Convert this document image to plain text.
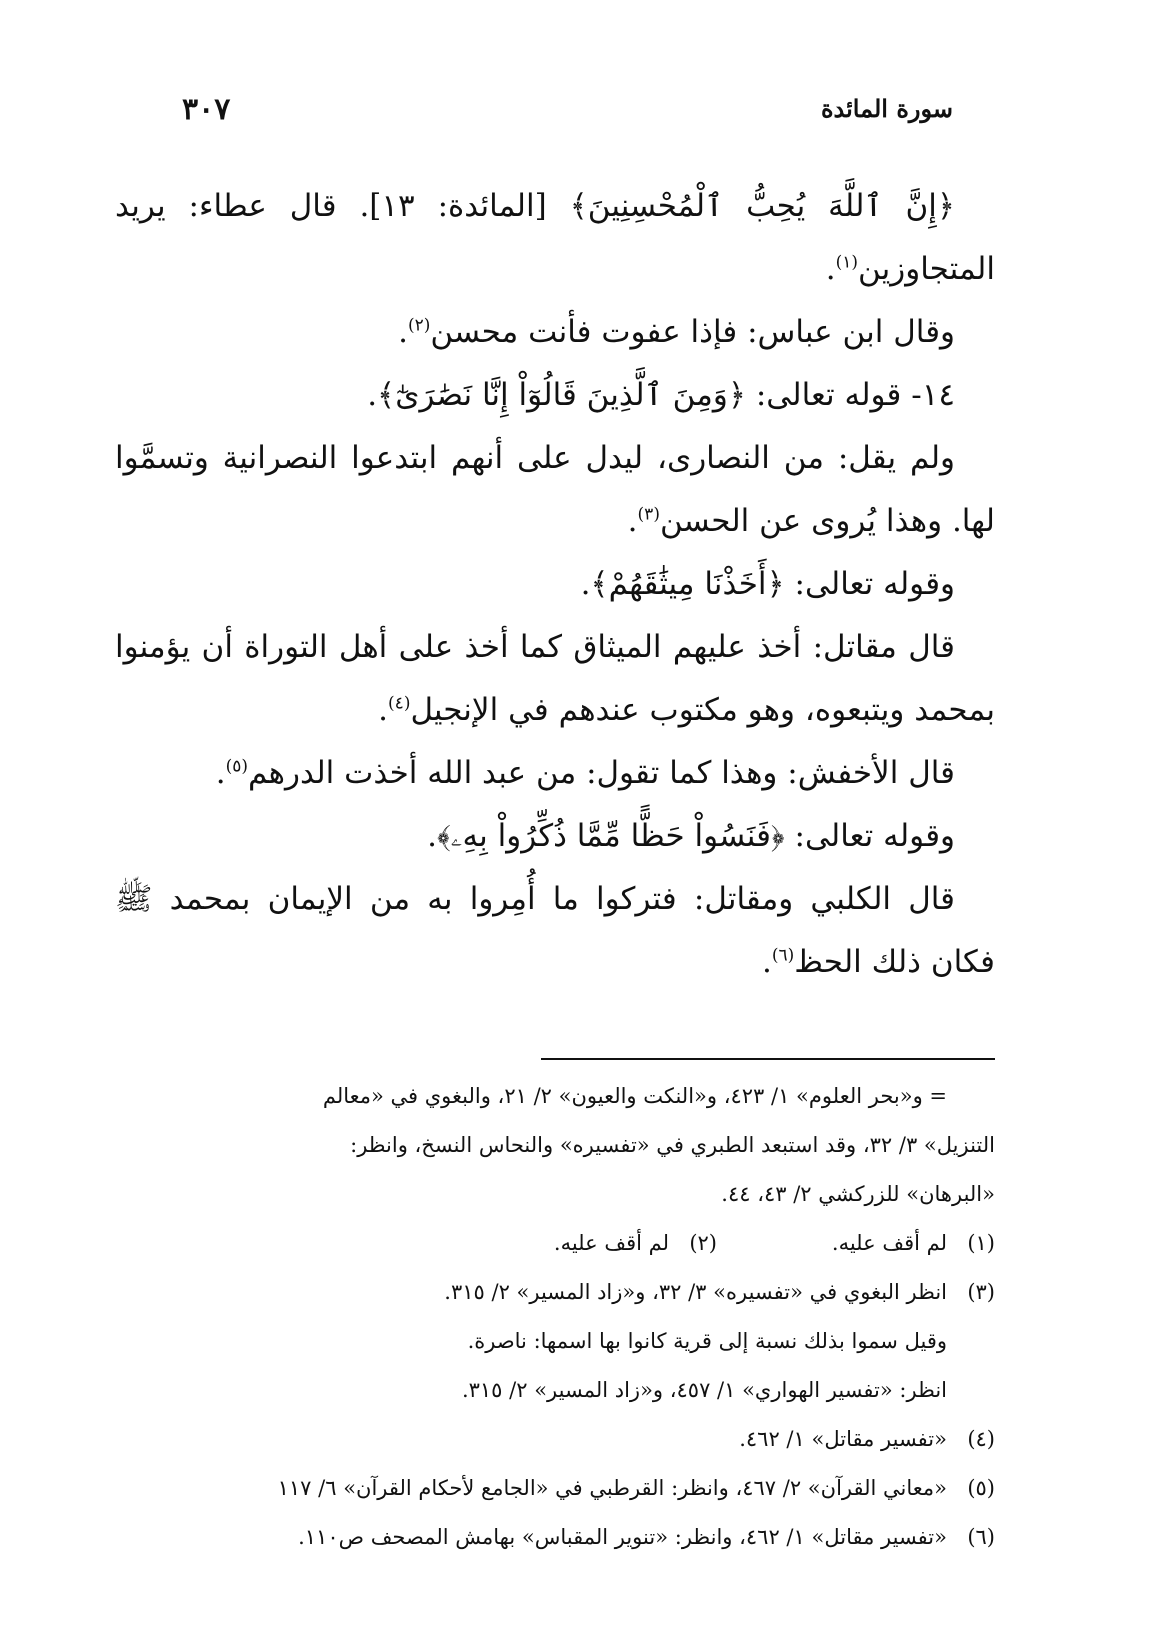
سورة المائدة
٣٠٧

﴿إِنَّ ٱللَّهَ يُحِبُّ ٱلْمُحْسِنِينَ﴾ [المائدة: ١٣]. قال عطاء: يريد المتجاوزين$^{(١)}$.

وقال ابن عباس: فإذا عفوت فأنت محسن$^{(٢)}$.

١٤- قوله تعالى: ﴿وَمِنَ ٱلَّذِينَ قَالُوٓاْ إِنَّا نَصَٰرَىٰٓ﴾.

ولم يقل: من النصارى، ليدل على أنهم ابتدعوا النصرانية وتسمَّوا لها. وهذا يُروى عن الحسن$^{(٣)}$.

وقوله تعالى: ﴿أَخَذْنَا مِيثَٰقَهُمْ﴾.

قال مقاتل: أخذ عليهم الميثاق كما أخذ على أهل التوراة أن يؤمنوا بمحمد ويتبعوه، وهو مكتوب عندهم في الإنجيل$^{(٤)}$.

قال الأخفش: وهذا كما تقول: من عبد الله أخذت الدرهم$^{(٥)}$.

وقوله تعالى: ﴿فَنَسُواْ حَظًّا مِّمَّا ذُكِّرُواْ بِهِۦ﴾.

قال الكلبي ومقاتل: فتركوا ما أُمِروا به من الإيمان بمحمد ﷺ فكان ذلك الحظ$^{(٦)}$.

= و«بحر العلوم» ١/ ٤٢٣، و«النكت والعيون» ٢/ ٢١، والبغوي في «معالم

التنزيل» ٣/ ٣٢، وقد استبعد الطبري في «تفسيره» والنحاس النسخ، وانظر:

«البرهان» للزركشي ٢/ ٤٣، ٤٤.

(١)
لم أقف عليه.
(٢)
لم أقف عليه.
(٣)
انظر البغوي في «تفسيره» ٣/ ٣٢، و«زاد المسير» ٢/ ٣١٥.

وقيل سموا بذلك نسبة إلى قرية كانوا بها اسمها: ناصرة.

انظر: «تفسير الهواري» ١/ ٤٥٧، و«زاد المسير» ٢/ ٣١٥.

(٤)
«تفسير مقاتل» ١/ ٤٦٢.
(٥)
«معاني القرآن» ٢/ ٤٦٧، وانظر: القرطبي في «الجامع لأحكام القرآن» ٦/ ١١٧
(٦)
«تفسير مقاتل» ١/ ٤٦٢، وانظر: «تنوير المقباس» بهامش المصحف ص١١٠.
